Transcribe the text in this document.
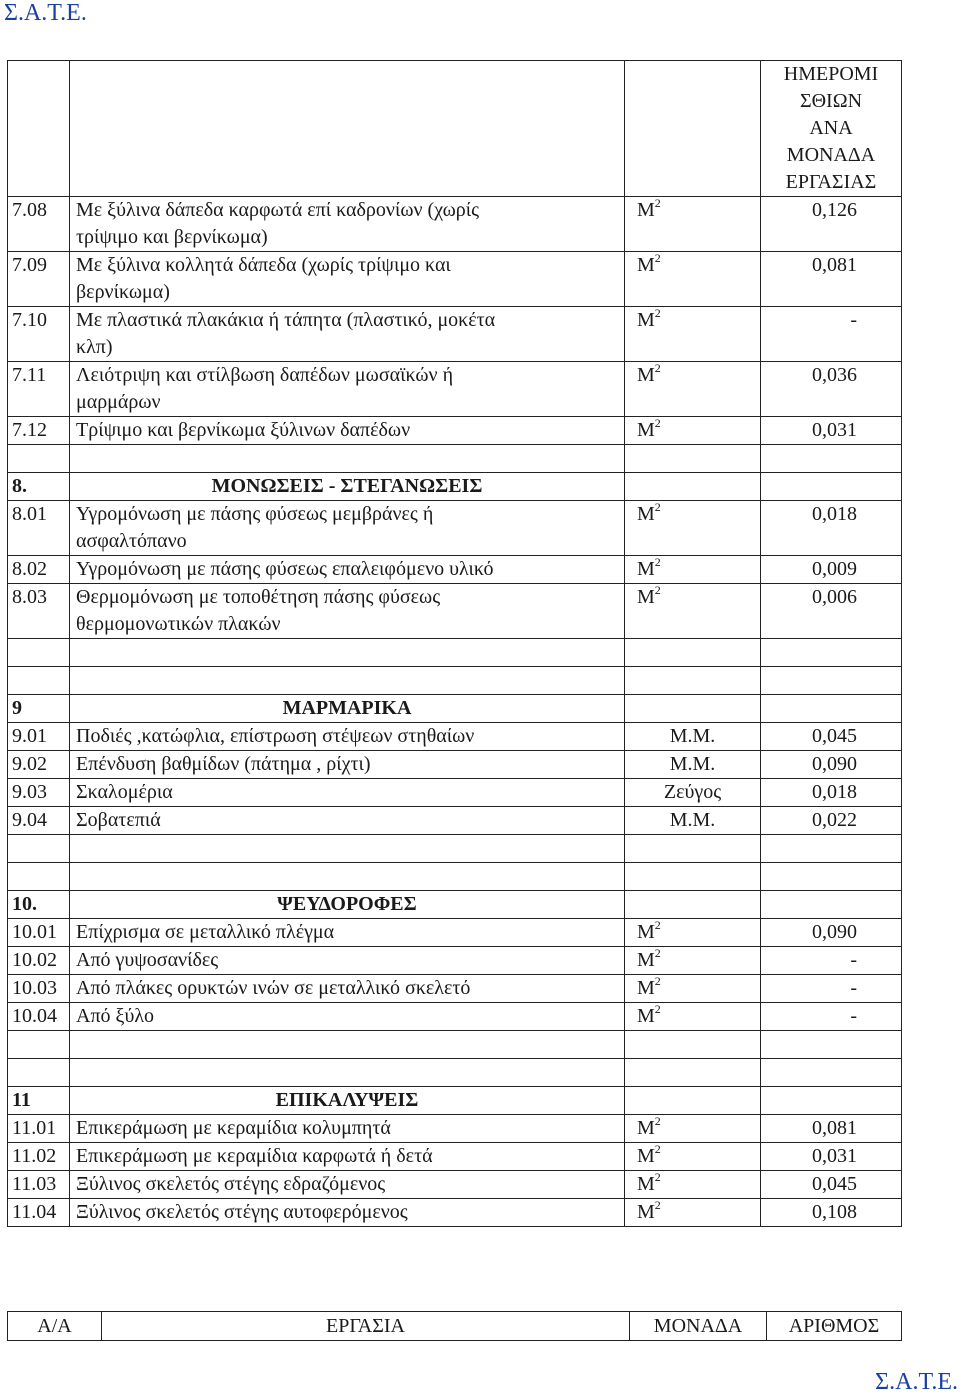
Σ.Α.Τ.Ε.

			ΗΜΕΡΟΜΙ
ΣΘΙΩΝ
ΑΝΑ
ΜΟΝΑΔΑ
ΕΡΓΑΣΙΑΣ

7.08	Με ξύλινα δάπεδα καρφωτά επί καδρονίων (χωρίς
τρίψιμο και βερνίκωμα)	$M^2$	0,126
7.09	Με ξύλινα κολλητά δάπεδα (χωρίς τρίψιμο και
βερνίκωμα)	$M^2$	0,081
7.10	Με πλαστικά πλακάκια ή τάπητα (πλαστικό, μοκέτα
κλπ)	$M^2$	-
7.11	Λειότριψη και στίλβωση δαπέδων μωσαϊκών ή
μαρμάρων	$M^2$	0,036
7.12	Τρίψιμο και βερνίκωμα ξύλινων δαπέδων	$M^2$	0,031

8.	ΜΟΝΩΣΕΙΣ - ΣΤΕΓΑΝΩΣΕΙΣ		
8.01	Υγρομόνωση με πάσης φύσεως μεμβράνες ή
ασφαλτόπανο	$M^2$	0,018
8.02	Υγρομόνωση με πάσης φύσεως επαλειφόμενο υλικό	$M^2$	0,009
8.03	Θερμομόνωση με τοποθέτηση πάσης φύσεως
θερμομονωτικών πλακών	$M^2$	0,006

9	ΜΑΡΜΑΡΙΚΑ		
9.01	Ποδιές ,κατώφλια, επίστρωση στέψεων στηθαίων	Μ.Μ.	0,045
9.02	Επένδυση βαθμίδων (πάτημα , ρίχτι)	Μ.Μ.	0,090
9.03	Σκαλομέρια	Ζεύγος	0,018
9.04	Σοβατεπιά	Μ.Μ.	0,022

10.	ΨΕΥΔΟΡΟΦΕΣ		
10.01	Επίχρισμα σε μεταλλικό πλέγμα	$M^2$	0,090
10.02	Από γυψοσανίδες	$M^2$	-
10.03	Από πλάκες ορυκτών ινών σε μεταλλικό σκελετό	$M^2$	-
10.04	Από ξύλο	$M^2$	-

11	ΕΠΙΚΑΛΥΨΕΙΣ		
11.01	Επικεράμωση με κεραμίδια κολυμπητά	$M^2$	0,081
11.02	Επικεράμωση με κεραμίδια καρφωτά ή δετά	$M^2$	0,031
11.03	Ξύλινος σκελετός στέγης εδραζόμενος	$M^2$	0,045
11.04	Ξύλινος σκελετός στέγης αυτοφερόμενος	$M^2$	0,108
Α/Α	ΕΡΓΑΣΙΑ	ΜΟΝΑΔΑ	ΑΡΙΘΜΟΣ
Σ.Α.Τ.Ε.
